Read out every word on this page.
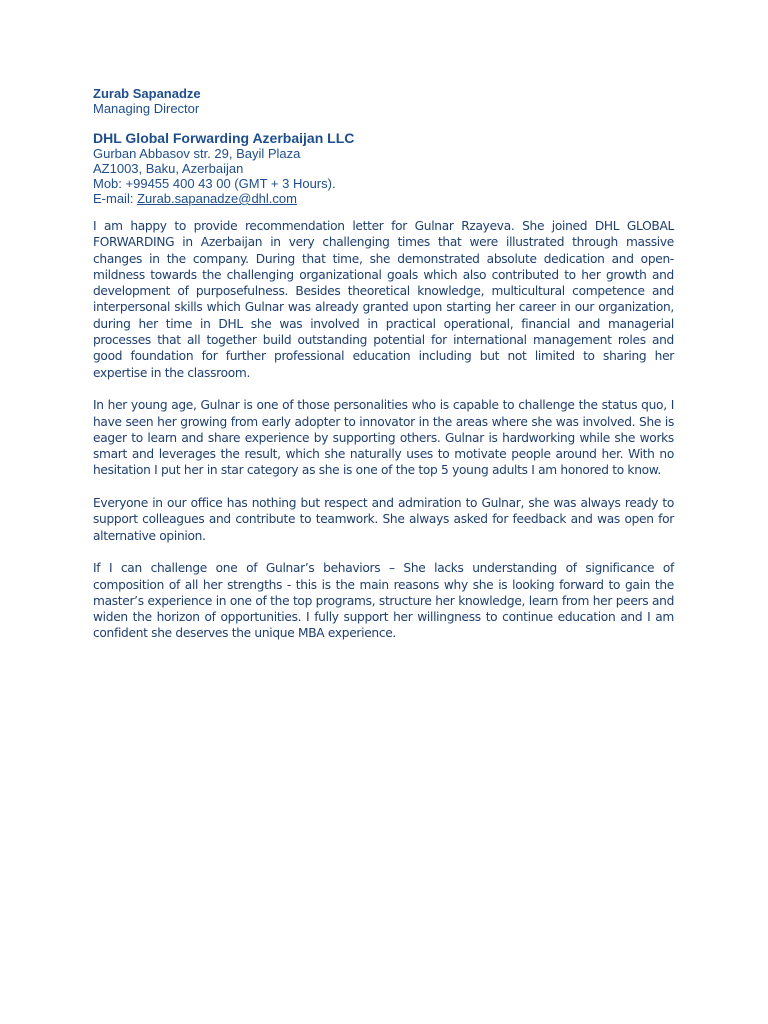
Zurab Sapanadze

Managing Director

DHL Global Forwarding Azerbaijan LLC

Gurban Abbasov str. 29, Bayil Plaza

AZ1003, Baku, Azerbaijan

Mob: +99455 400 43 00 (GMT + 3 Hours).

E-mail: Zurab.sapanadze@dhl.com

I am happy to provide recommendation letter for Gulnar Rzayeva. She joined DHL GLOBAL FORWARDING in Azerbaijan in very challenging times that were illustrated through massive changes in the company. During that time, she demonstrated absolute dedication and open-mildness towards the challenging organizational goals which also contributed to her growth and development of purposefulness. Besides theoretical knowledge, multicultural competence and interpersonal skills which Gulnar was already granted upon starting her career in our organization, during her time in DHL she was involved in practical operational, financial and managerial processes that all together build outstanding potential for international management roles and good foundation for further professional education including but not limited to sharing her expertise in the classroom.

In her young age, Gulnar is one of those personalities who is capable to challenge the status quo, I have seen her growing from early adopter to innovator in the areas where she was involved. She is eager to learn and share experience by supporting others. Gulnar is hardworking while she works smart and leverages the result, which she naturally uses to motivate people around her. With no hesitation I put her in star category as she is one of the top 5 young adults I am honored to know.

Everyone in our office has nothing but respect and admiration to Gulnar, she was always ready to support colleagues and contribute to teamwork. She always asked for feedback and was open for alternative opinion.

If I can challenge one of Gulnar’s behaviors – She lacks understanding of significance of composition of all her strengths - this is the main reasons why she is looking forward to gain the master’s experience in one of the top programs, structure her knowledge, learn from her peers and widen the horizon of opportunities. I fully support her willingness to continue education and I am confident she deserves the unique MBA experience.
